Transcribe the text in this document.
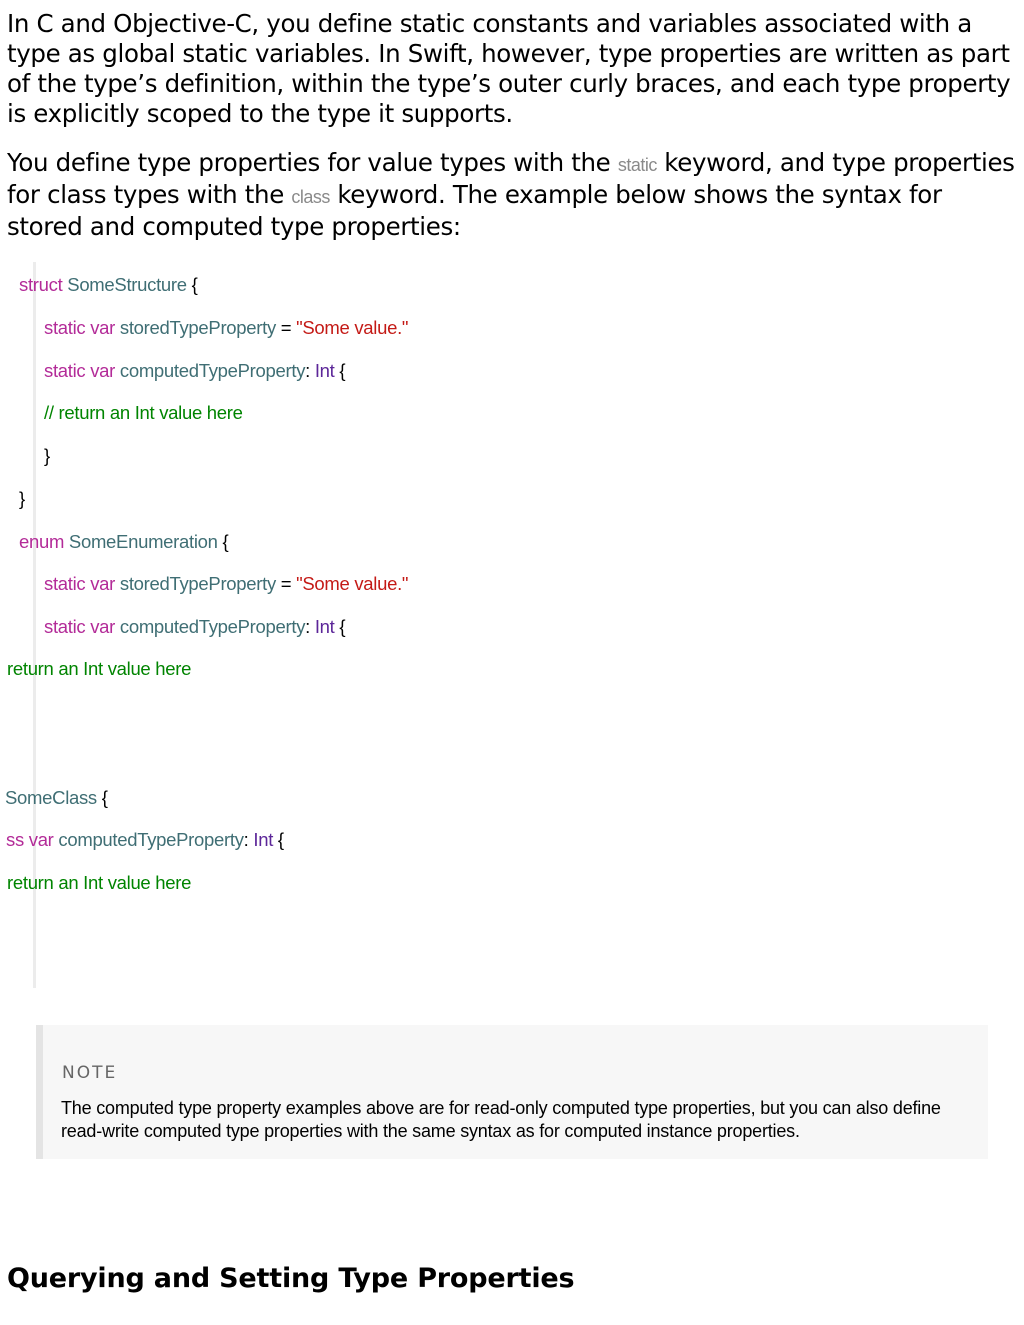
In C and Objective-C, you define static constants and variables associated with a type as global static variables. In Swift, however, type properties are written as part of the type’s definition, within the type’s outer curly braces, and each type property is explicitly scoped to the type it supports.

You define type properties for value types with the static keyword, and type properties for class types with the class keyword. The example below shows the syntax for stored and computed type properties:

struct SomeStructure {
static var storedTypeProperty = "Some value."
static var computedTypeProperty: Int {
// return an Int value here
}
}
enum SomeEnumeration {
static var storedTypeProperty = "Some value."
static var computedTypeProperty: Int {
return an Int value here
SomeClass {
ss var computedTypeProperty: Int {
return an Int value here
NOTE
The computed type property examples above are for read-only computed type properties, but you can also define read-write computed type properties with the same syntax as for computed instance properties.
Querying and Setting Type Properties
